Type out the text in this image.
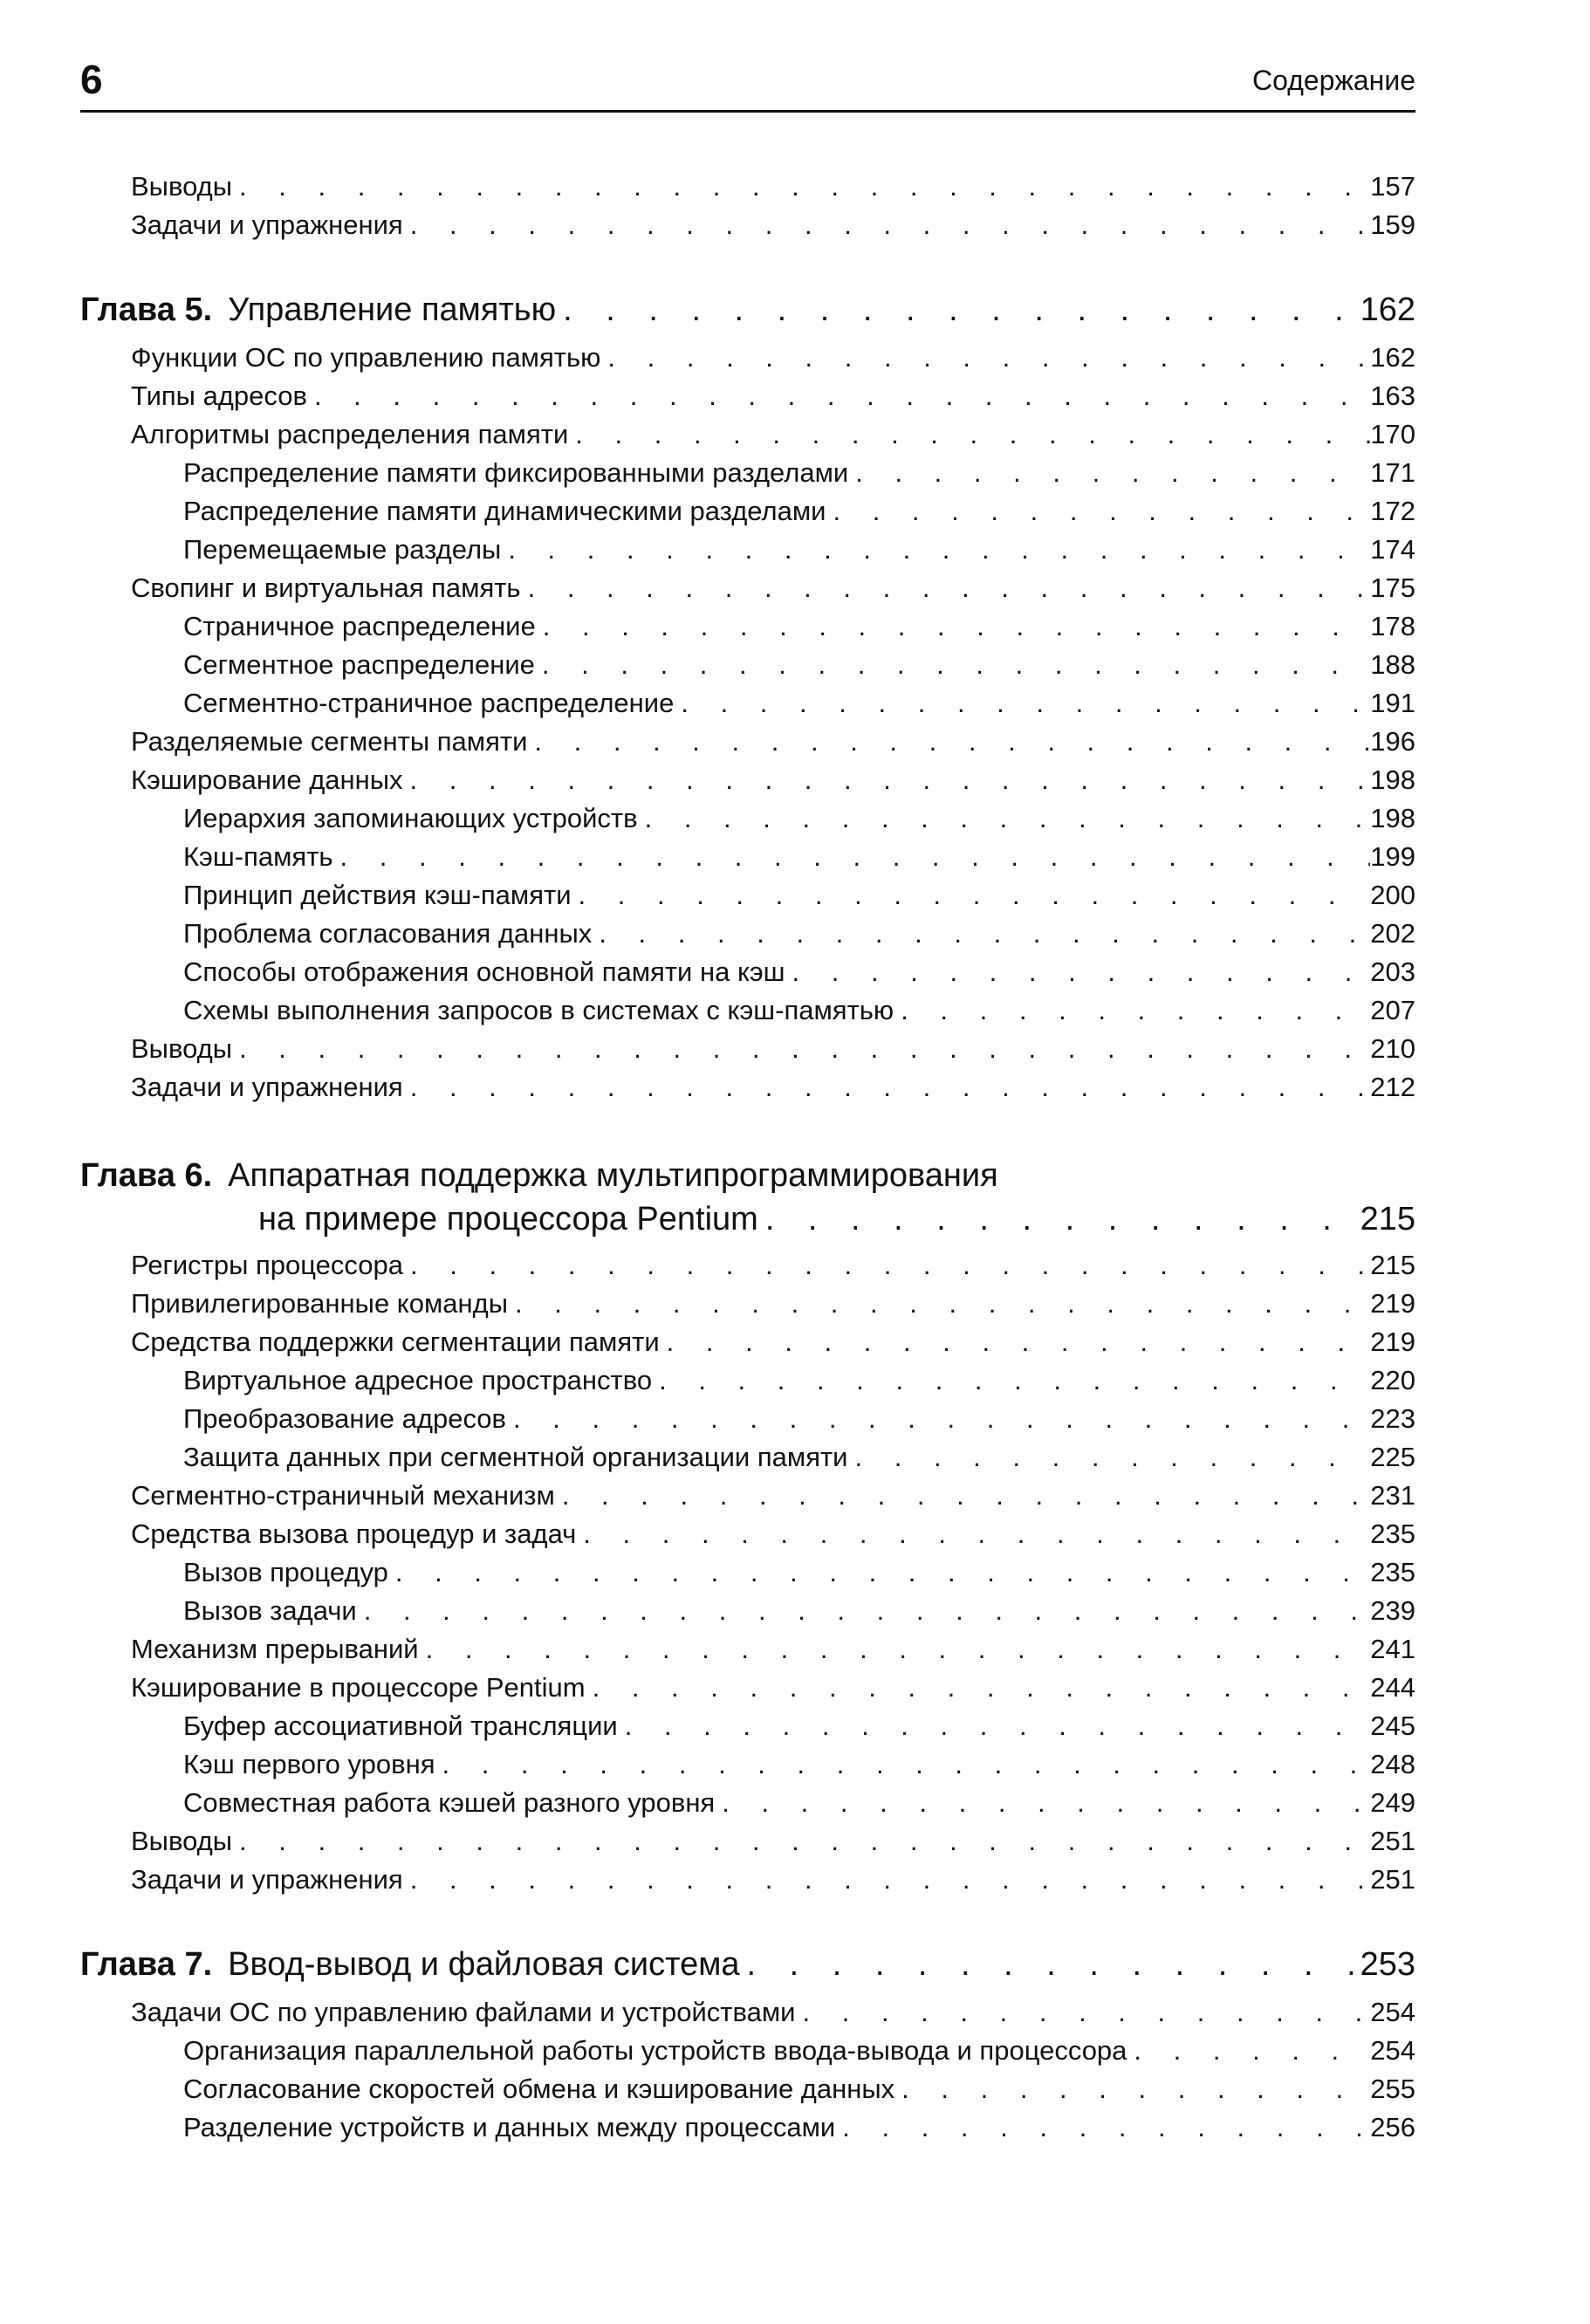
6	Содержание
Выводы . . .	157
Задачи и упражнения . . .	159
Глава 5. Управление памятью . . .	162
Функции ОС по управлению памятью . . .	162
Типы адресов . . .	163
Алгоритмы распределения памяти . . .	170
Распределение памяти фиксированными разделами . . .	171
Распределение памяти динамическими разделами . . .	172
Перемещаемые разделы . . .	174
Свопинг и виртуальная память . . .	175
Страничное распределение . . .	178
Сегментное распределение . . .	188
Сегментно-страничное распределение . . .	191
Разделяемые сегменты памяти . . .	196
Кэширование данных . . .	198
Иерархия запоминающих устройств . . .	198
Кэш-память . . .	199
Принцип действия кэш-памяти . . .	200
Проблема согласования данных . . .	202
Способы отображения основной памяти на кэш . . .	203
Схемы выполнения запросов в системах с кэш-памятью . . .	207
Выводы . . .	210
Задачи и упражнения . . .	212
Глава 6. Аппаратная поддержка мультипрограммирования
на примере процессора Pentium . . .	215
Регистры процессора . . .	215
Привилегированные команды . . .	219
Средства поддержки сегментации памяти . . .	219
Виртуальное адресное пространство . . .	220
Преобразование адресов . . .	223
Защита данных при сегментной организации памяти . . .	225
Сегментно-страничный механизм . . .	231
Средства вызова процедур и задач . . .	235
Вызов процедур . . .	235
Вызов задачи . . .	239
Механизм прерываний . . .	241
Кэширование в процессоре Pentium . . .	244
Буфер ассоциативной трансляции . . .	245
Кэш первого уровня . . .	248
Совместная работа кэшей разного уровня . . .	249
Выводы . . .	251
Задачи и упражнения . . .	251
Глава 7. Ввод-вывод и файловая система . . .	253
Задачи ОС по управлению файлами и устройствами . . .	254
Организация параллельной работы устройств ввода-вывода и процессора . . .	254
Согласование скоростей обмена и кэширование данных . . .	255
Разделение устройств и данных между процессами . . .	256
